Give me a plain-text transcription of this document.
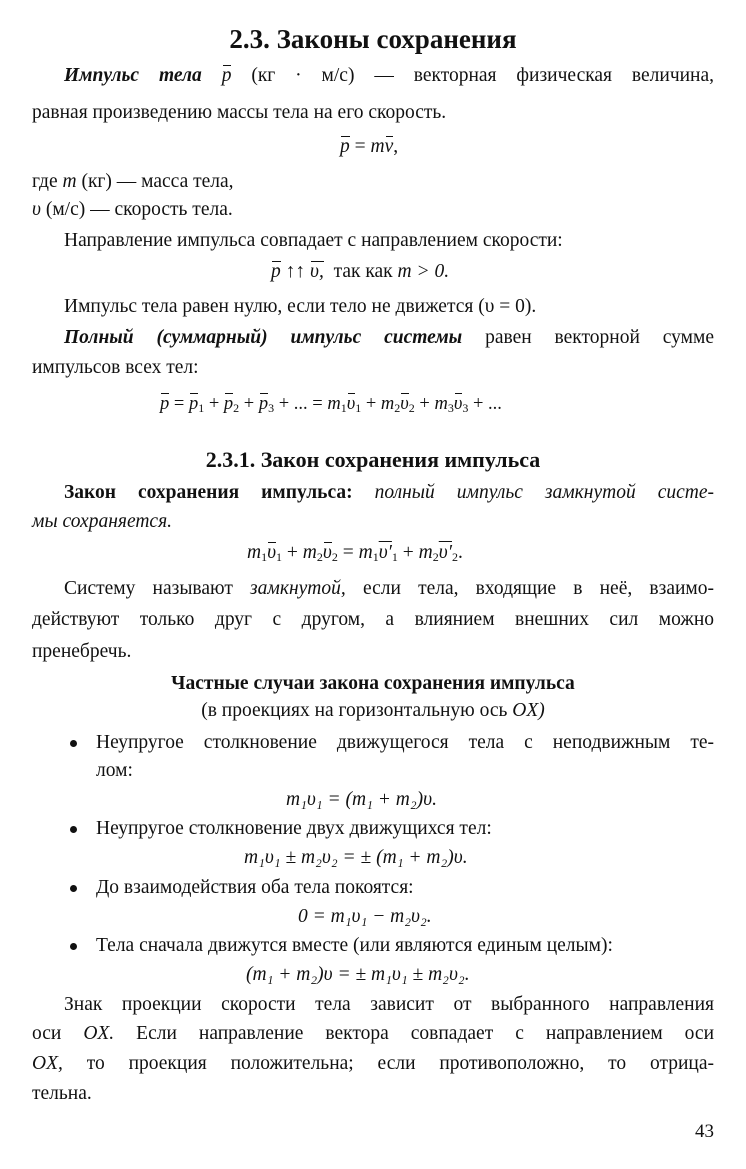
2.3. Законы сохранения
Импульс тела p (кг · м/с) — векторная физическая величина,
равная произведению массы тела на его скорость.
p = mv,
где m (кг) — масса тела,
υ (м/с) — скорость тела.
Направление импульса совпадает с направлением скорости:
p ↑↑ υ, так как m > 0.
Импульс тела равен нулю, если тело не движется (υ = 0).
Полный (суммарный) импульс системы равен векторной сумме
импульсов всех тел:
$p = p_1 + p_2 + p_3$ + ... = $m_1\upsilon_1 + m_2\upsilon_2 + m_3\upsilon_3$ + ...
2.3.1. Закон сохранения импульса
Закон сохранения импульса: полный импульс замкнутой систе-
мы сохраняется.
$m_1\upsilon_1 + m_2\upsilon_2 = m_1\upsilon'_1 + m_2\upsilon'_2$.
Систему называют замкнутой, если тела, входящие в неё, взаимо-
действуют только друг с другом, а влиянием внешних сил можно
пренебречь.
Частные случаи закона сохранения импульса
(в проекциях на горизонтальную ось OX)
Неупругое столкновение движущегося тела с неподвижным те-
лом:
m₁υ₁ = (m₁ + m₂)υ.
Неупругое столкновение двух движущихся тел:
m₁υ₁ ± m₂υ₂ = ± (m₁ + m₂)υ.
До взаимодействия оба тела покоятся:
0 = m₁υ₁ − m₂υ₂.
Тела сначала движутся вместе (или являются единым целым):
(m₁ + m₂)υ = ± m₁υ₁ ± m₂υ₂.
Знак проекции скорости тела зависит от выбранного направления
оси OX. Если направление вектора совпадает с направлением оси
OX, то проекция положительна; если противоположно, то отрица-
тельна.
43
